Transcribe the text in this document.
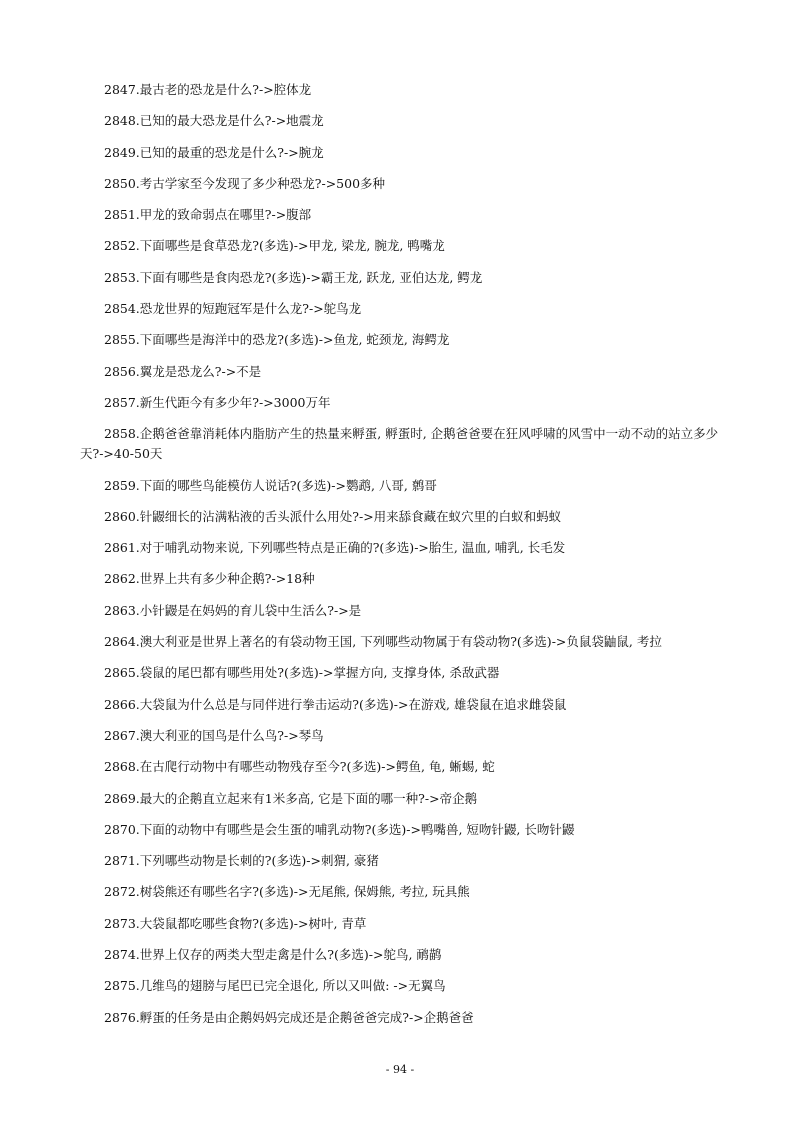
2847.最古老的恐龙是什么?->腔体龙
2848.已知的最大恐龙是什么?->地震龙
2849.已知的最重的恐龙是什么?->腕龙
2850.考古学家至今发现了多少种恐龙?->500多种
2851.甲龙的致命弱点在哪里?->腹部
2852.下面哪些是食草恐龙?(多选)->甲龙, 梁龙, 腕龙, 鸭嘴龙
2853.下面有哪些是食肉恐龙?(多选)->霸王龙, 跃龙, 亚伯达龙, 鳄龙
2854.恐龙世界的短跑冠军是什么龙?->鸵鸟龙
2855.下面哪些是海洋中的恐龙?(多选)->鱼龙, 蛇颈龙, 海鳄龙
2856.翼龙是恐龙么?->不是
2857.新生代距今有多少年?->3000万年
2858.企鹅爸爸靠消耗体内脂肪产生的热量来孵蛋, 孵蛋时, 企鹅爸爸要在狂风呼啸的风雪中一动不动的站立多少天?->40-50天
2859.下面的哪些鸟能模仿人说话?(多选)->鹦鹉, 八哥, 鹩哥
2860.针鼹细长的沾满粘液的舌头派什么用处?->用来舔食藏在蚁穴里的白蚁和蚂蚁
2861.对于哺乳动物来说, 下列哪些特点是正确的?(多选)->胎生, 温血, 哺乳, 长毛发
2862.世界上共有多少种企鹅?->18种
2863.小针鼹是在妈妈的育儿袋中生活么?->是
2864.澳大利亚是世界上著名的有袋动物王国, 下列哪些动物属于有袋动物?(多选)->负鼠袋鼬鼠, 考拉
2865.袋鼠的尾巴都有哪些用处?(多选)->掌握方向, 支撑身体, 杀敌武器
2866.大袋鼠为什么总是与同伴进行拳击运动?(多选)->在游戏, 雄袋鼠在追求雌袋鼠
2867.澳大利亚的国鸟是什么鸟?->琴鸟
2868.在古爬行动物中有哪些动物残存至今?(多选)->鳄鱼, 龟, 蜥蜴, 蛇
2869.最大的企鹅直立起来有1米多高, 它是下面的哪一种?->帝企鹅
2870.下面的动物中有哪些是会生蛋的哺乳动物?(多选)->鸭嘴兽, 短吻针鼹, 长吻针鼹
2871.下列哪些动物是长刺的?(多选)->刺猬, 豪猪
2872.树袋熊还有哪些名字?(多选)->无尾熊, 保姆熊, 考拉, 玩具熊
2873.大袋鼠都吃哪些食物?(多选)->树叶, 青草
2874.世界上仅存的两类大型走禽是什么?(多选)->鸵鸟, 鸸鹋
2875.几维鸟的翅膀与尾巴已完全退化, 所以又叫做: ->无翼鸟
2876.孵蛋的任务是由企鹅妈妈完成还是企鹅爸爸完成?->企鹅爸爸
- 94 -
